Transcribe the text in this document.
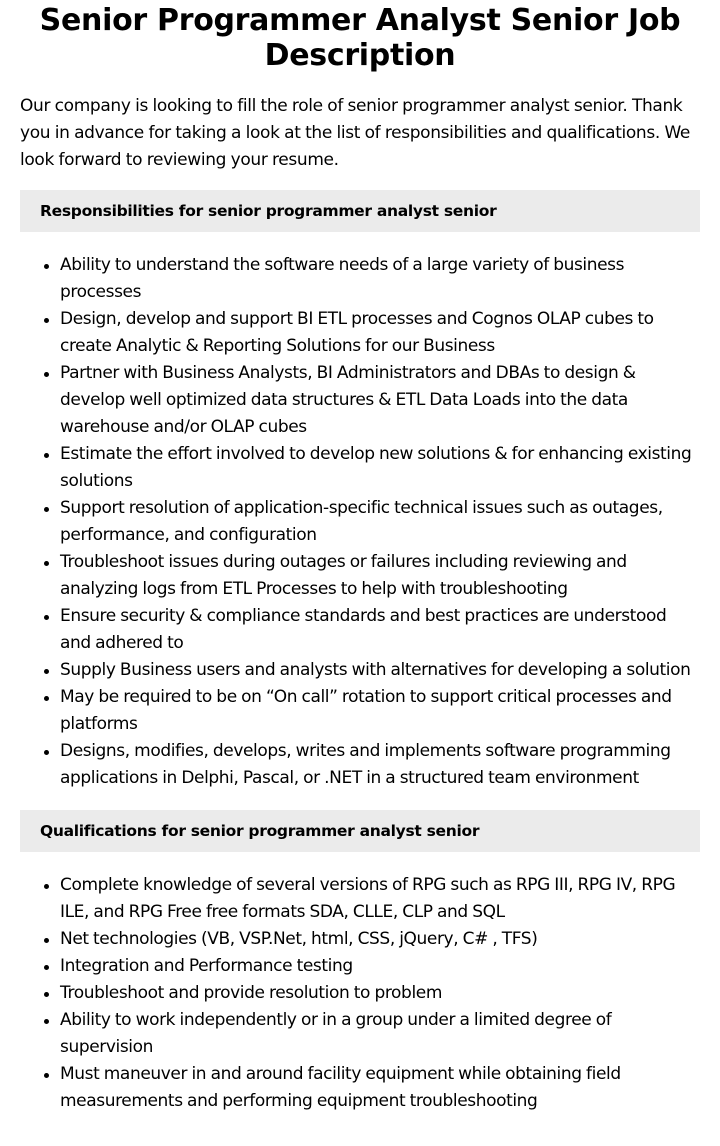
Senior Programmer Analyst Senior Job Description

Our company is looking to fill the role of senior programmer analyst senior. Thank you in advance for taking a look at the list of responsibilities and qualifications. We look forward to reviewing your resume.

Responsibilities for senior programmer analyst senior
Ability to understand the software needs of a large variety of business processes
Design, develop and support BI ETL processes and Cognos OLAP cubes to create Analytic & Reporting Solutions for our Business
Partner with Business Analysts, BI Administrators and DBAs to design & develop well optimized data structures & ETL Data Loads into the data warehouse and/or OLAP cubes
Estimate the effort involved to develop new solutions & for enhancing existing solutions
Support resolution of application-specific technical issues such as outages, performance, and configuration
Troubleshoot issues during outages or failures including reviewing and analyzing logs from ETL Processes to help with troubleshooting
Ensure security & compliance standards and best practices are understood and adhered to
Supply Business users and analysts with alternatives for developing a solution
May be required to be on “On call” rotation to support critical processes and platforms
Designs, modifies, develops, writes and implements software programming applications in Delphi, Pascal, or .NET in a structured team environment
Qualifications for senior programmer analyst senior
Complete knowledge of several versions of RPG such as RPG III, RPG IV, RPG ILE, and RPG Free free formats SDA, CLLE, CLP and SQL
Net technologies (VB, VSP.Net, html, CSS, jQuery, C# , TFS)
Integration and Performance testing
Troubleshoot and provide resolution to problem
Ability to work independently or in a group under a limited degree of supervision
Must maneuver in and around facility equipment while obtaining field measurements and performing equipment troubleshooting
